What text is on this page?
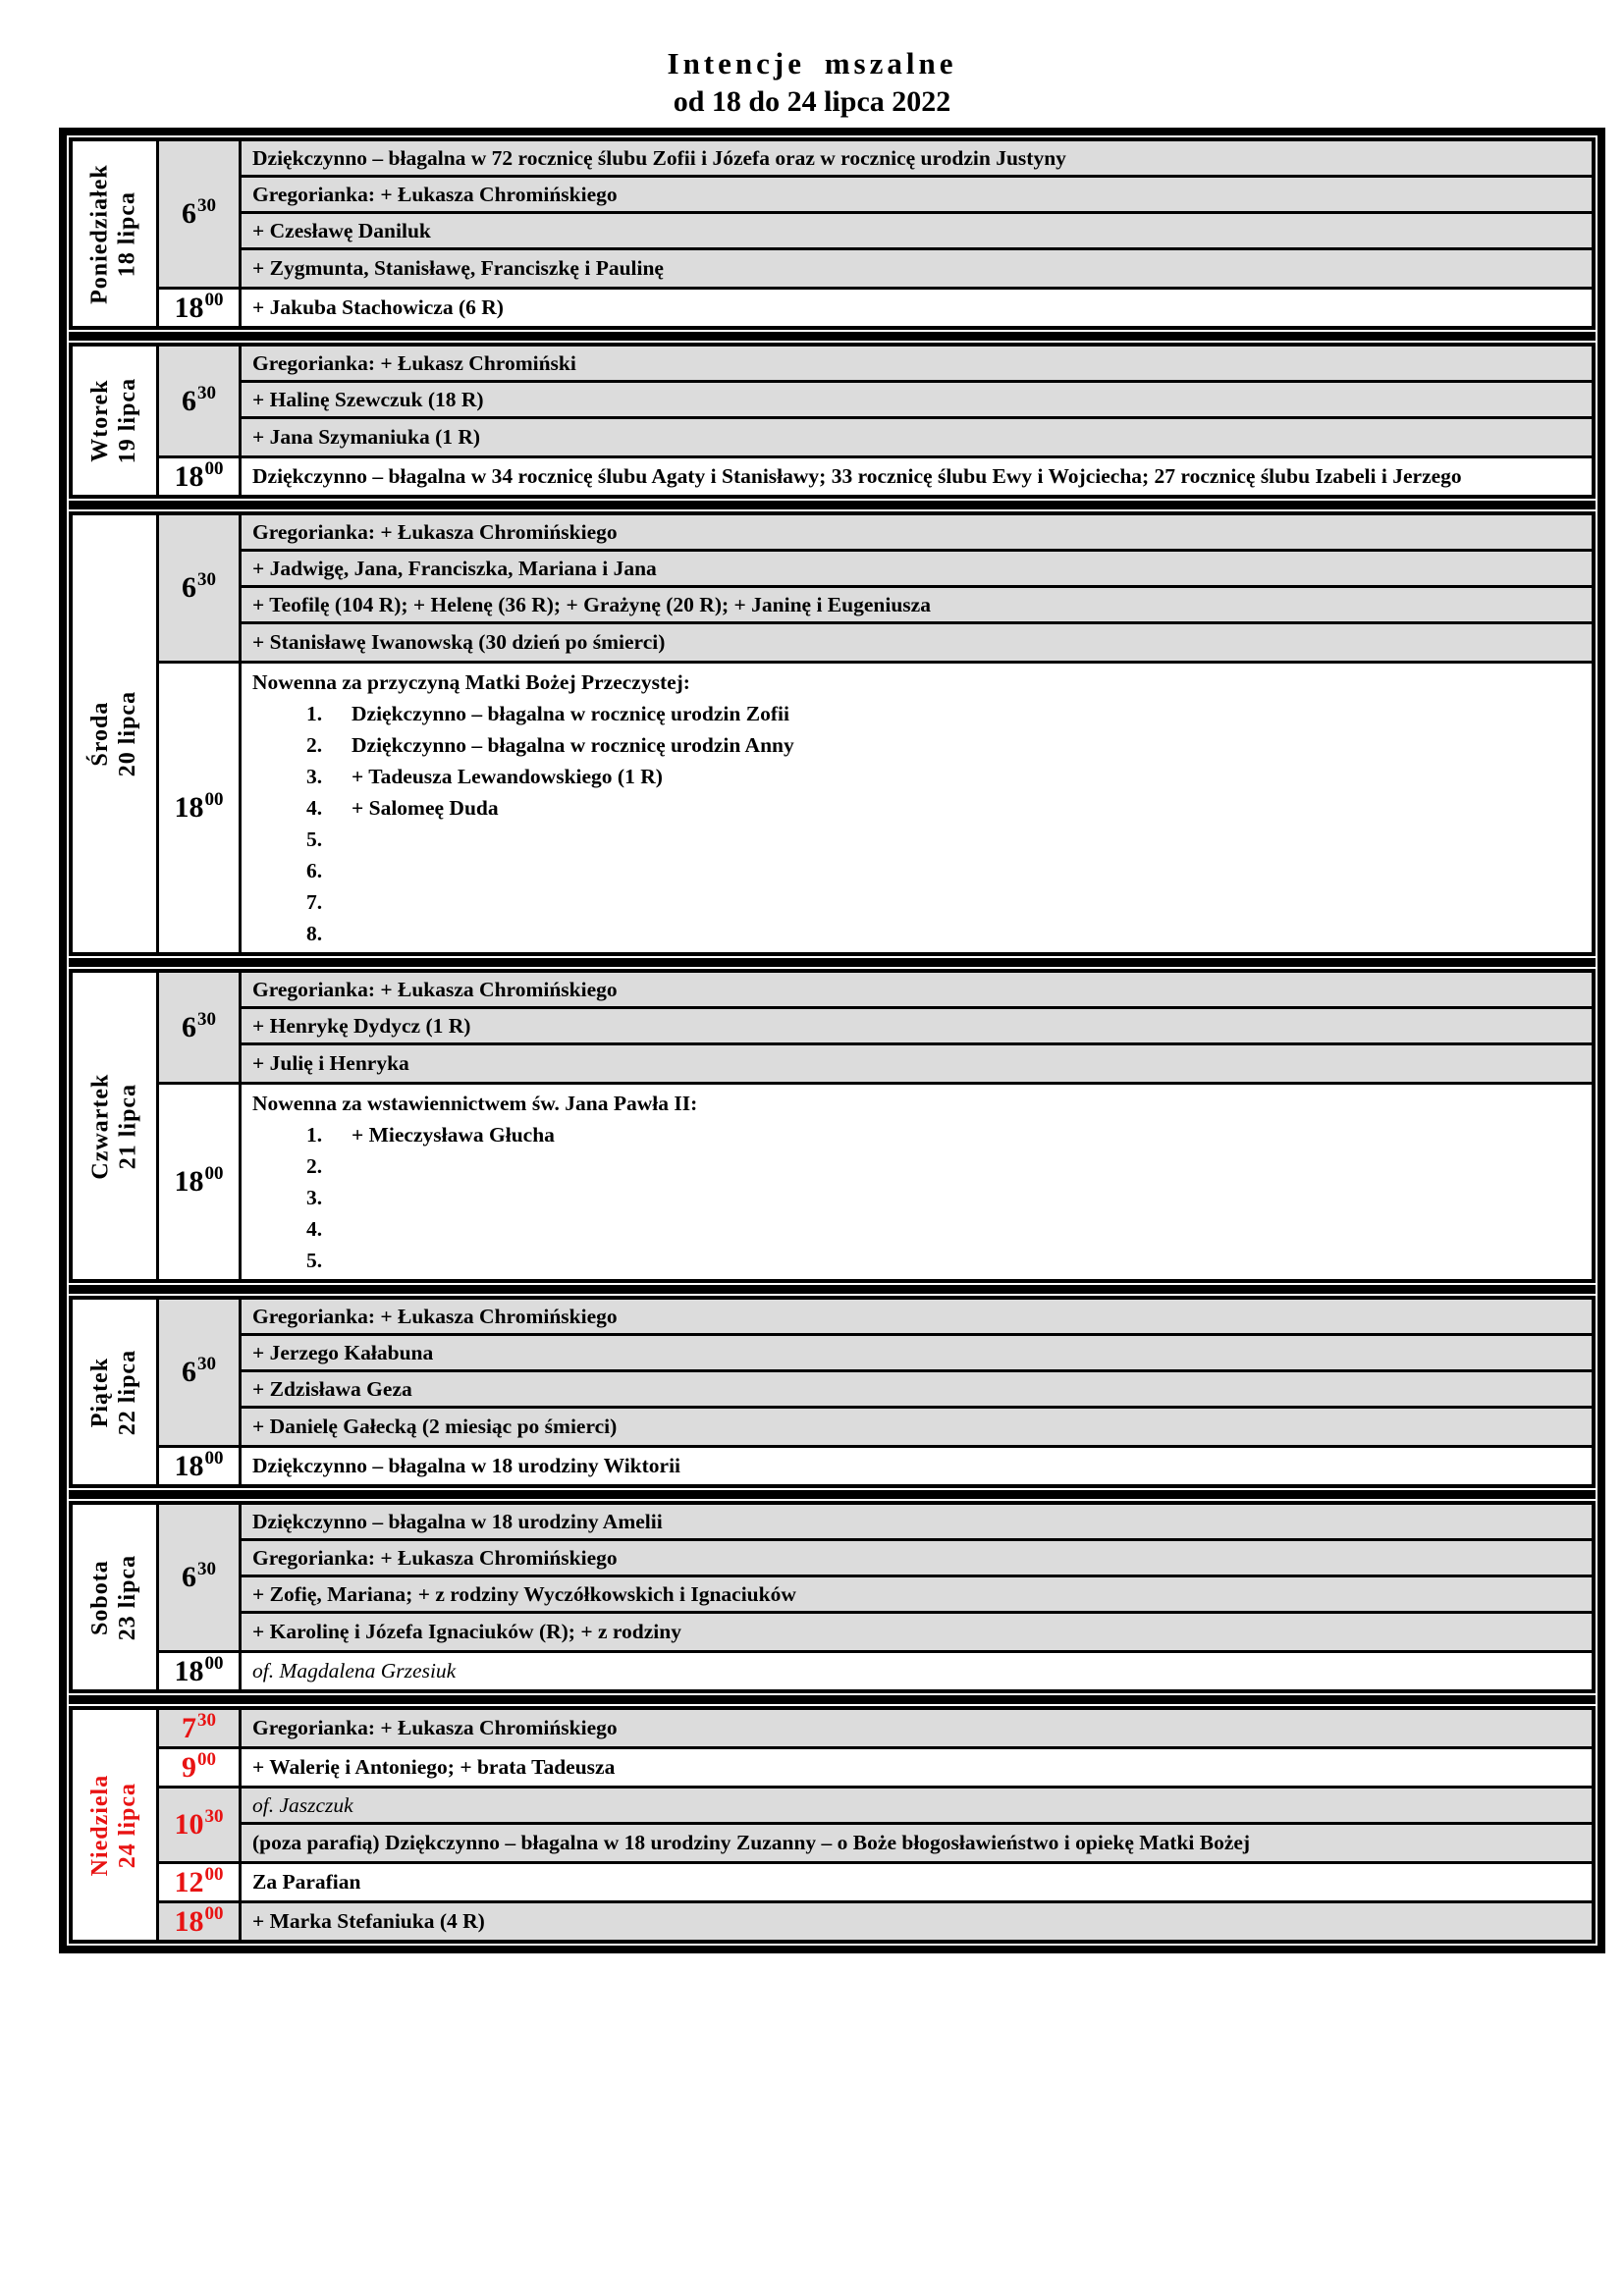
Intencje mszalne
od 18 do 24 lipca 2022
Poniedziałek 18 lipca $6^{30}$
Dziękczynno – błagalna w 72 rocznicę ślubu Zofii i Józefa oraz w rocznicę urodzin Justyny
Gregorianka: + Łukasza Chromińskiego
+ Czesławę Daniluk
+ Zygmunta, Stanisławę, Franciszkę i Paulinę
$18^{00}$ + Jakuba Stachowicza (6 R)
Wtorek 19 lipca $6^{30}$
Gregorianka: + Łukasz Chromiński
+ Halinę Szewczuk (18 R)
+ Jana Szymaniuka (1 R)
$18^{00}$ Dziękczynno – błagalna w 34 rocznicę ślubu Agaty i Stanisławy; 33 rocznicę ślubu Ewy i Wojciecha; 27 rocznicę ślubu Izabeli i Jerzego
Środa 20 lipca
$6^{30}$
Gregorianka: + Łukasza Chromińskiego
+ Jadwigę, Jana, Franciszka, Mariana i Jana
+ Teofilę (104 R); + Helenę (36 R); + Grażynę (20 R); + Janinę i Eugeniusza
+ Stanisławę Iwanowską (30 dzień po śmierci)
$18^{00}$
Nowenna za przyczyną Matki Bożej Przeczystej:
1.	Dziękczynno – błagalna w rocznicę urodzin Zofii
2.	Dziękczynno – błagalna w rocznicę urodzin Anny
3.	+ Tadeusza Lewandowskiego (1 R)
4.	+ Salomeę Duda
5.
6.
7.
8.
Czwartek 21 lipca
$6^{30}$
Gregorianka: + Łukasza Chromińskiego
+ Henrykę Dydycz (1 R)
+ Julię i Henryka
$18^{00}$
Nowenna za wstawiennictwem św. Jana Pawła II:
1.	+ Mieczysława Głucha
2.
3.
4.
5.
Piątek 22 lipca $6^{30}$
Gregorianka: + Łukasza Chromińskiego
+ Jerzego Kałabuna
+ Zdzisława Geza
+ Danielę Gałecką (2 miesiąc po śmierci)
$18^{00}$ Dziękczynno – błagalna w 18 urodziny Wiktorii
Sobota 23 lipca $6^{30}$
Dziękczynno – błagalna w 18 urodziny Amelii
Gregorianka: + Łukasza Chromińskiego
+ Zofię, Mariana; + z rodziny Wyczółkowskich i Ignaciuków
+ Karolinę i Józefa Ignaciuków (R); + z rodziny
$18^{00}$ of. Magdalena Grzesiuk
Niedziela 24 lipca
$7^{30}$ Gregorianka: + Łukasza Chromińskiego
$9^{00}$ + Walerię i Antoniego; + brata Tadeusza
$10^{30}$ of. Jaszczuk
(poza parafią) Dziękczynno – błagalna w 18 urodziny Zuzanny – o Boże błogosławieństwo i opiekę Matki Bożej
$12^{00}$ Za Parafian
$18^{00}$ + Marka Stefaniuka (4 R)
